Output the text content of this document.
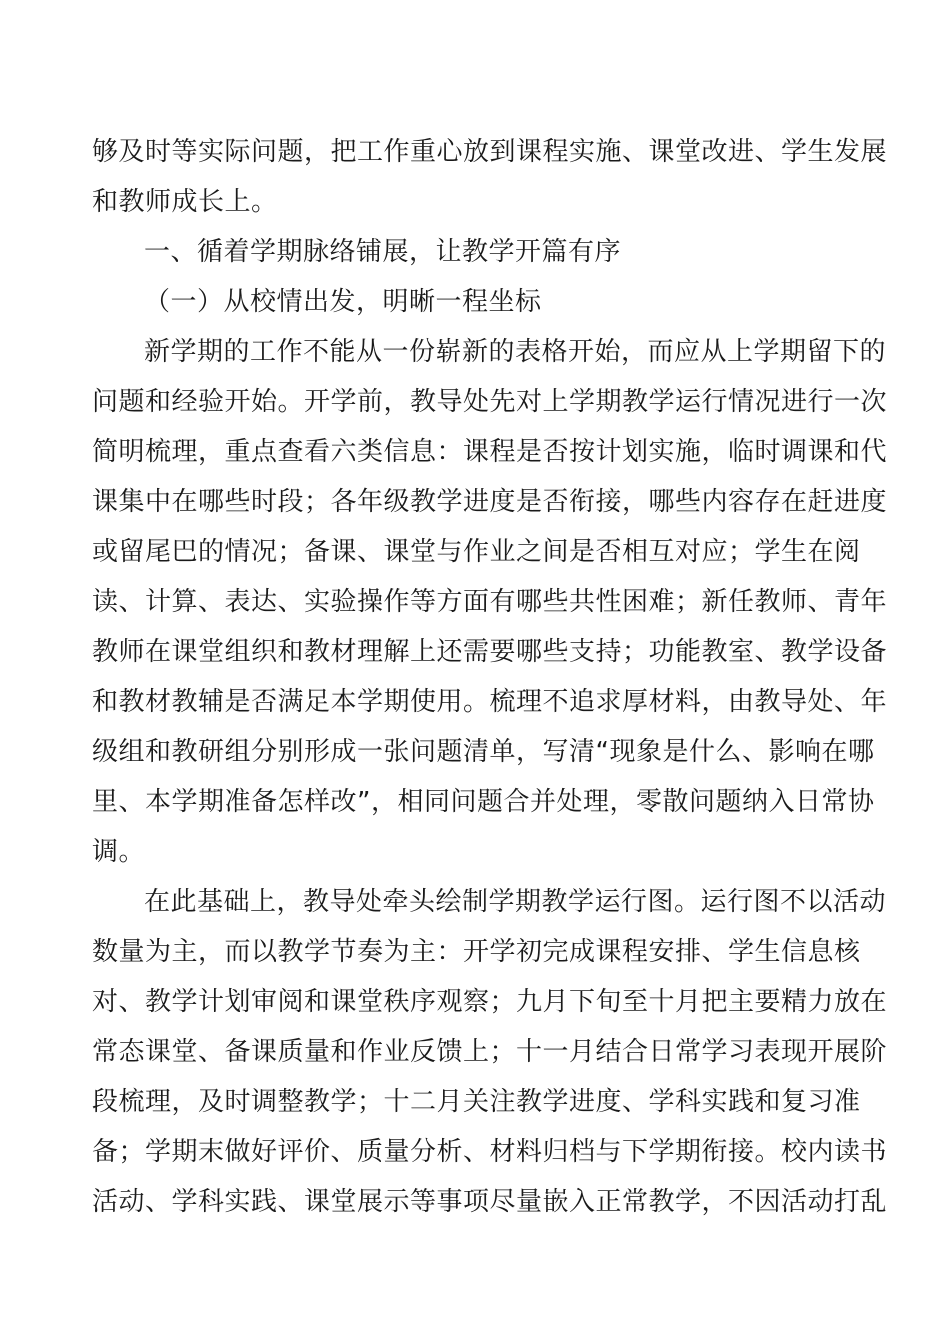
够及时等实际问题，把工作重心放到课程实施、课堂改进、学生发展
和教师成长上。
一、循着学期脉络铺展，让教学开篇有序
（一）从校情出发，明晰一程坐标
新学期的工作不能从一份崭新的表格开始，而应从上学期留下的
问题和经验开始。开学前，教导处先对上学期教学运行情况进行一次
简明梳理，重点查看六类信息：课程是否按计划实施，临时调课和代
课集中在哪些时段；各年级教学进度是否衔接，哪些内容存在赶进度
或留尾巴的情况；备课、课堂与作业之间是否相互对应；学生在阅
读、计算、表达、实验操作等方面有哪些共性困难；新任教师、青年
教师在课堂组织和教材理解上还需要哪些支持；功能教室、教学设备
和教材教辅是否满足本学期使用。梳理不追求厚材料，由教导处、年
级组和教研组分别形成一张问题清单，写清“现象是什么、影响在哪
里、本学期准备怎样改”，相同问题合并处理，零散问题纳入日常协
调。
在此基础上，教导处牵头绘制学期教学运行图。运行图不以活动
数量为主，而以教学节奏为主：开学初完成课程安排、学生信息核
对、教学计划审阅和课堂秩序观察；九月下旬至十月把主要精力放在
常态课堂、备课质量和作业反馈上；十一月结合日常学习表现开展阶
段梳理，及时调整教学；十二月关注教学进度、学科实践和复习准
备；学期末做好评价、质量分析、材料归档与下学期衔接。校内读书
活动、学科实践、课堂展示等事项尽量嵌入正常教学，不因活动打乱
